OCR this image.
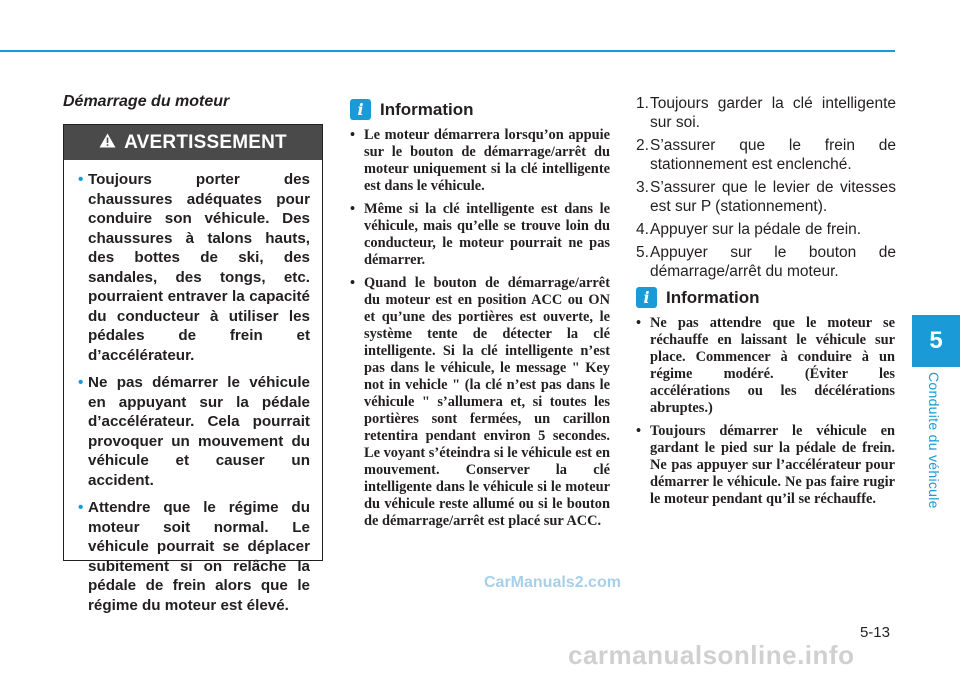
5
Conduite du véhicule
Démarrage du moteur
AVERTISSEMENT
• Toujours porter des chaussures adéquates pour conduire son véhicule. Des chaussures à talons hauts, des bottes de ski, des sandales, des tongs, etc. pourraient entraver la capacité du conducteur à utiliser les pédales de frein et d’accélérateur.
• Ne pas démarrer le véhicule en appuyant sur la pédale d’accélérateur. Cela pourrait provoquer un mouvement du véhicule et causer un accident.
• Attendre que le régime du moteur soit normal. Le véhicule pourrait se déplacer subitement si on relâche la pédale de frein alors que le régime du moteur est élevé.
i Information
• Le moteur démarrera lorsqu’on appuie sur le bouton de démarrage/arrêt du moteur uniquement si la clé intelligente est dans le véhicule.
• Même si la clé intelligente est dans le véhicule, mais qu’elle se trouve loin du conducteur, le moteur pourrait ne pas démarrer.
• Quand le bouton de démarrage/arrêt du moteur est en position ACC ou ON et qu’une des portières est ouverte, le système tente de détecter la clé intelligente. Si la clé intelligente n’est pas dans le véhicule, le message " Key not in vehicle " (la clé n’est pas dans le véhicule " s’allumera et, si toutes les portières sont fermées, un carillon retentira pendant environ 5 secondes. Le voyant s’éteindra si le véhicule est en mouvement. Conserver la clé intelligente dans le véhicule si le moteur du véhicule reste allumé ou si le bouton de démarrage/arrêt est placé sur ACC.
1. Toujours garder la clé intelligente sur soi.
2. S’assurer que le frein de stationnement est enclenché.
3. S’assurer que le levier de vitesses est sur P (stationnement).
4. Appuyer sur la pédale de frein.
5. Appuyer sur le bouton de démarrage/arrêt du moteur.
i Information
• Ne pas attendre que le moteur se réchauffe en laissant le véhicule sur place. Commencer à conduire à un régime modéré. (Éviter les accélérations ou les décélérations abruptes.)
• Toujours démarrer le véhicule en gardant le pied sur la pédale de frein. Ne pas appuyer sur l’accélérateur pour démarrer le véhicule. Ne pas faire rugir le moteur pendant qu’il se réchauffe.
CarManuals2.com
5-13
carmanualsonline.info
